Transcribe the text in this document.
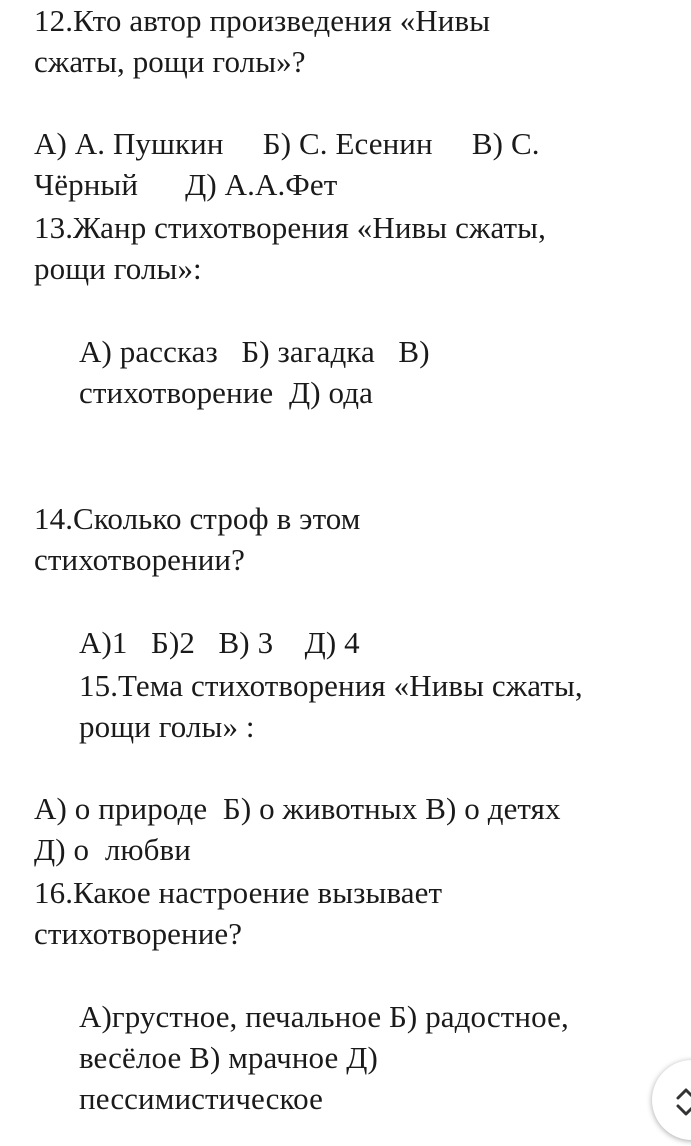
12.Кто автор произведения «Нивы
сжаты, рощи голы»?
А) А. Пушкин     Б) С. Есенин     В) С.
Чёрный      Д) А.А.Фет
13.Жанр стихотворения «Нивы сжаты,
рощи голы»:
А) рассказ   Б) загадка   В)
стихотворение  Д) ода
14.Сколько строф в этом
стихотворении?
А)1   Б)2   В) 3    Д) 4
15.Тема стихотворения «Нивы сжаты,
рощи голы» :
А) о природе  Б) о животных В) о детях
Д) о  любви
16.Какое настроение вызывает
стихотворение?
А)грустное, печальное Б) радостное,
весёлое В) мрачное Д)
пессимистическое
